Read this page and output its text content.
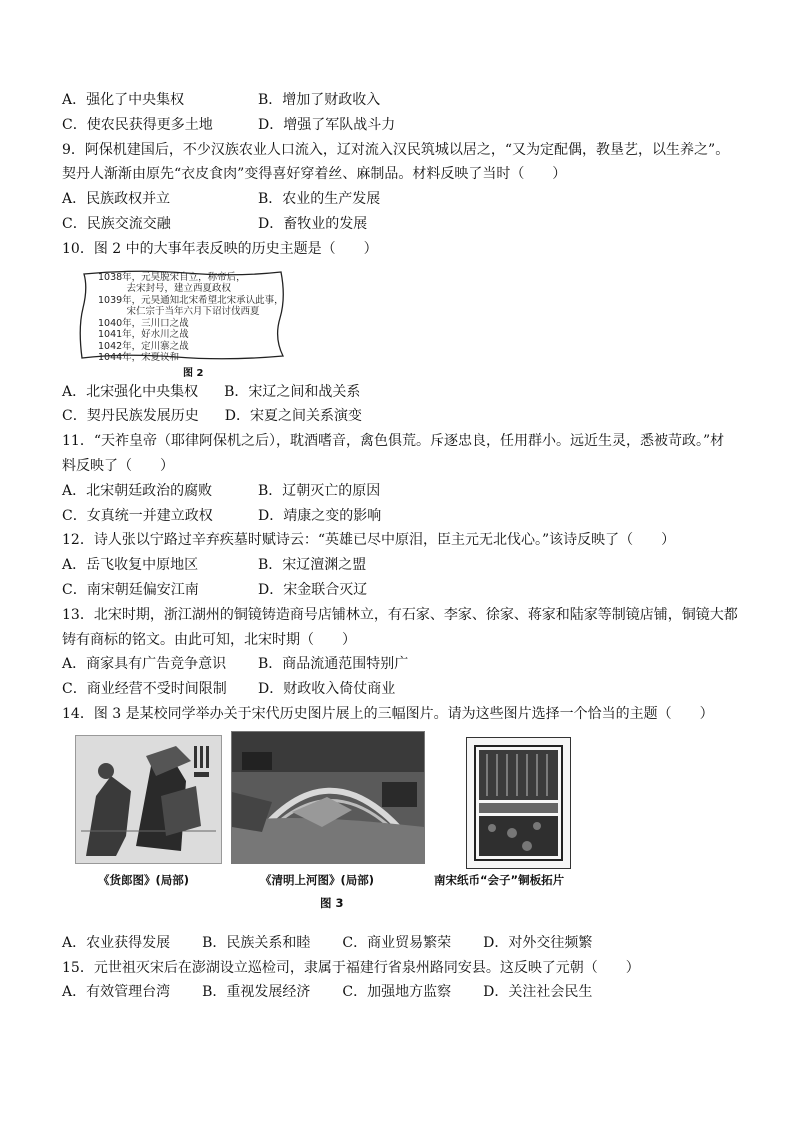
A．强化了中央集权	B．增加了财政收入
C．使农民获得更多土地	D．增强了军队战斗力
9．阿保机建国后，不少汉族农业人口流入，辽对流入汉民筑城以居之，“又为定配偶，教垦艺，以生养之”。
契丹人渐渐由原先“衣皮食肉”变得喜好穿着丝、麻制品。材料反映了当时（　　）
A．民族政权并立	B．农业的生产发展
C．民族交流交融	D．畜牧业的发展
10．图 2 中的大事年表反映的历史主题是（　　）
1038年，元昊脱宋自立，称帝后，
　　　去宋封号，建立西夏政权
1039年，元昊通知北宋希望北宋承认此事，
　　　宋仁宗于当年六月下诏讨伐西夏
1040年，三川口之战
1041年，好水川之战
1042年，定川寨之战
1044年，宋夏议和
图 2
A．北宋强化中央集权 B．宋辽之间和战关系
C．契丹民族发展历史 D．宋夏之间关系演变
11．“天祚皇帝（耶律阿保机之后），耽酒嗜音，禽色俱荒。斥逐忠良，任用群小。远近生灵，悉被苛政。”材
料反映了（　　）
A．北宋朝廷政治的腐败	B．辽朝灭亡的原因
C．女真统一并建立政权	D．靖康之变的影响
12．诗人张以宁路过辛弃疾墓时赋诗云：“英雄已尽中原泪，臣主元无北伐心。”该诗反映了（　　）
A．岳飞收复中原地区	B．宋辽澶渊之盟
C．南宋朝廷偏安江南	D．宋金联合灭辽
13．北宋时期，浙江湖州的铜镜铸造商号店铺林立，有石家、李家、徐家、蒋家和陆家等制镜店铺，铜镜大都
铸有商标的铭文。由此可知，北宋时期（　　）
A．商家具有广告竞争意识 B．商品流通范围特别广
C．商业经营不受时间限制 D．财政收入倚仗商业
14．图 3 是某校同学举办关于宋代历史图片展上的三幅图片。请为这些图片选择一个恰当的主题（　　）
《货郎图》(局部)	《清明上河图》(局部)	南宋纸币“会子”铜板拓片
图 3
A．农业获得发展 B．民族关系和睦 C．商业贸易繁荣 D．对外交往频繁
15．元世祖灭宋后在澎湖设立巡检司，隶属于福建行省泉州路同安县。这反映了元朝（　　）
A．有效管理台湾 B．重视发展经济 C．加强地方监察 D．关注社会民生
